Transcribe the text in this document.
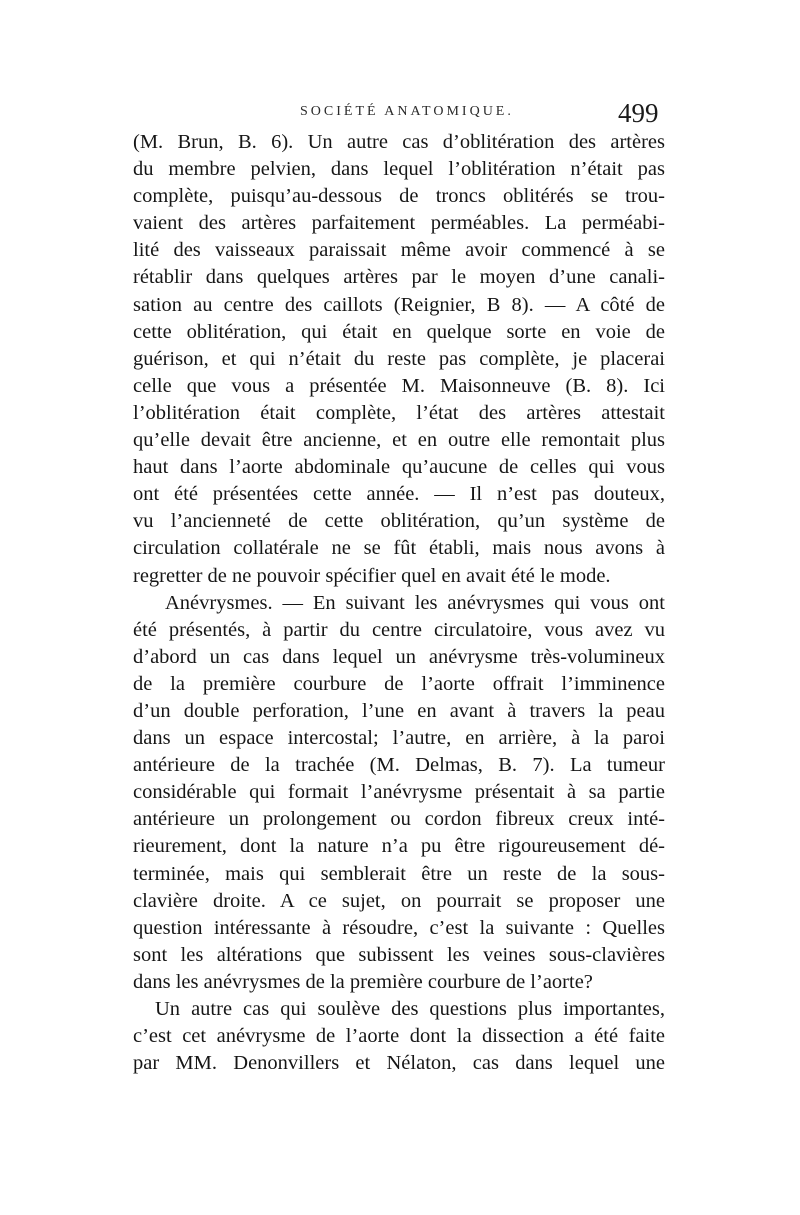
SOCIÉTÉ ANATOMIQUE.	499
(M. Brun, B. 6). Un autre cas d’oblitération des artères
du membre pelvien, dans lequel l’oblitération n’était pas
complète, puisqu’au-dessous de troncs oblitérés se trou-
vaient des artères parfaitement perméables. La perméabi-
lité des vaisseaux paraissait même avoir commencé à se
rétablir dans quelques artères par le moyen d’une canali-
sation au centre des caillots (Reignier, B 8). — A côté de
cette oblitération, qui était en quelque sorte en voie de
guérison, et qui n’était du reste pas complète, je placerai
celle que vous a présentée M. Maisonneuve (B. 8). Ici
l’oblitération était complète, l’état des artères attestait
qu’elle devait être ancienne, et en outre elle remontait plus
haut dans l’aorte abdominale qu’aucune de celles qui vous
ont été présentées cette année. — Il n’est pas douteux,
vu l’ancienneté de cette oblitération, qu’un système de
circulation collatérale ne se fût établi, mais nous avons à
regretter de ne pouvoir spécifier quel en avait été le mode.
Anévrysmes. — En suivant les anévrysmes qui vous ont
été présentés, à partir du centre circulatoire, vous avez vu
d’abord un cas dans lequel un anévrysme très-volumineux
de la première courbure de l’aorte offrait l’imminence
d’un double perforation, l’une en avant à travers la peau
dans un espace intercostal; l’autre, en arrière, à la paroi
antérieure de la trachée (M. Delmas, B. 7). La tumeur
considérable qui formait l’anévrysme présentait à sa partie
antérieure un prolongement ou cordon fibreux creux inté-
rieurement, dont la nature n’a pu être rigoureusement dé-
terminée, mais qui semblerait être un reste de la sous-
clavière droite. A ce sujet, on pourrait se proposer une
question intéressante à résoudre, c’est la suivante : Quelles
sont les altérations que subissent les veines sous-clavières
dans les anévrysmes de la première courbure de l’aorte?
Un autre cas qui soulève des questions plus importantes,
c’est cet anévrysme de l’aorte dont la dissection a été faite
par MM. Denonvillers et Nélaton, cas dans lequel une
